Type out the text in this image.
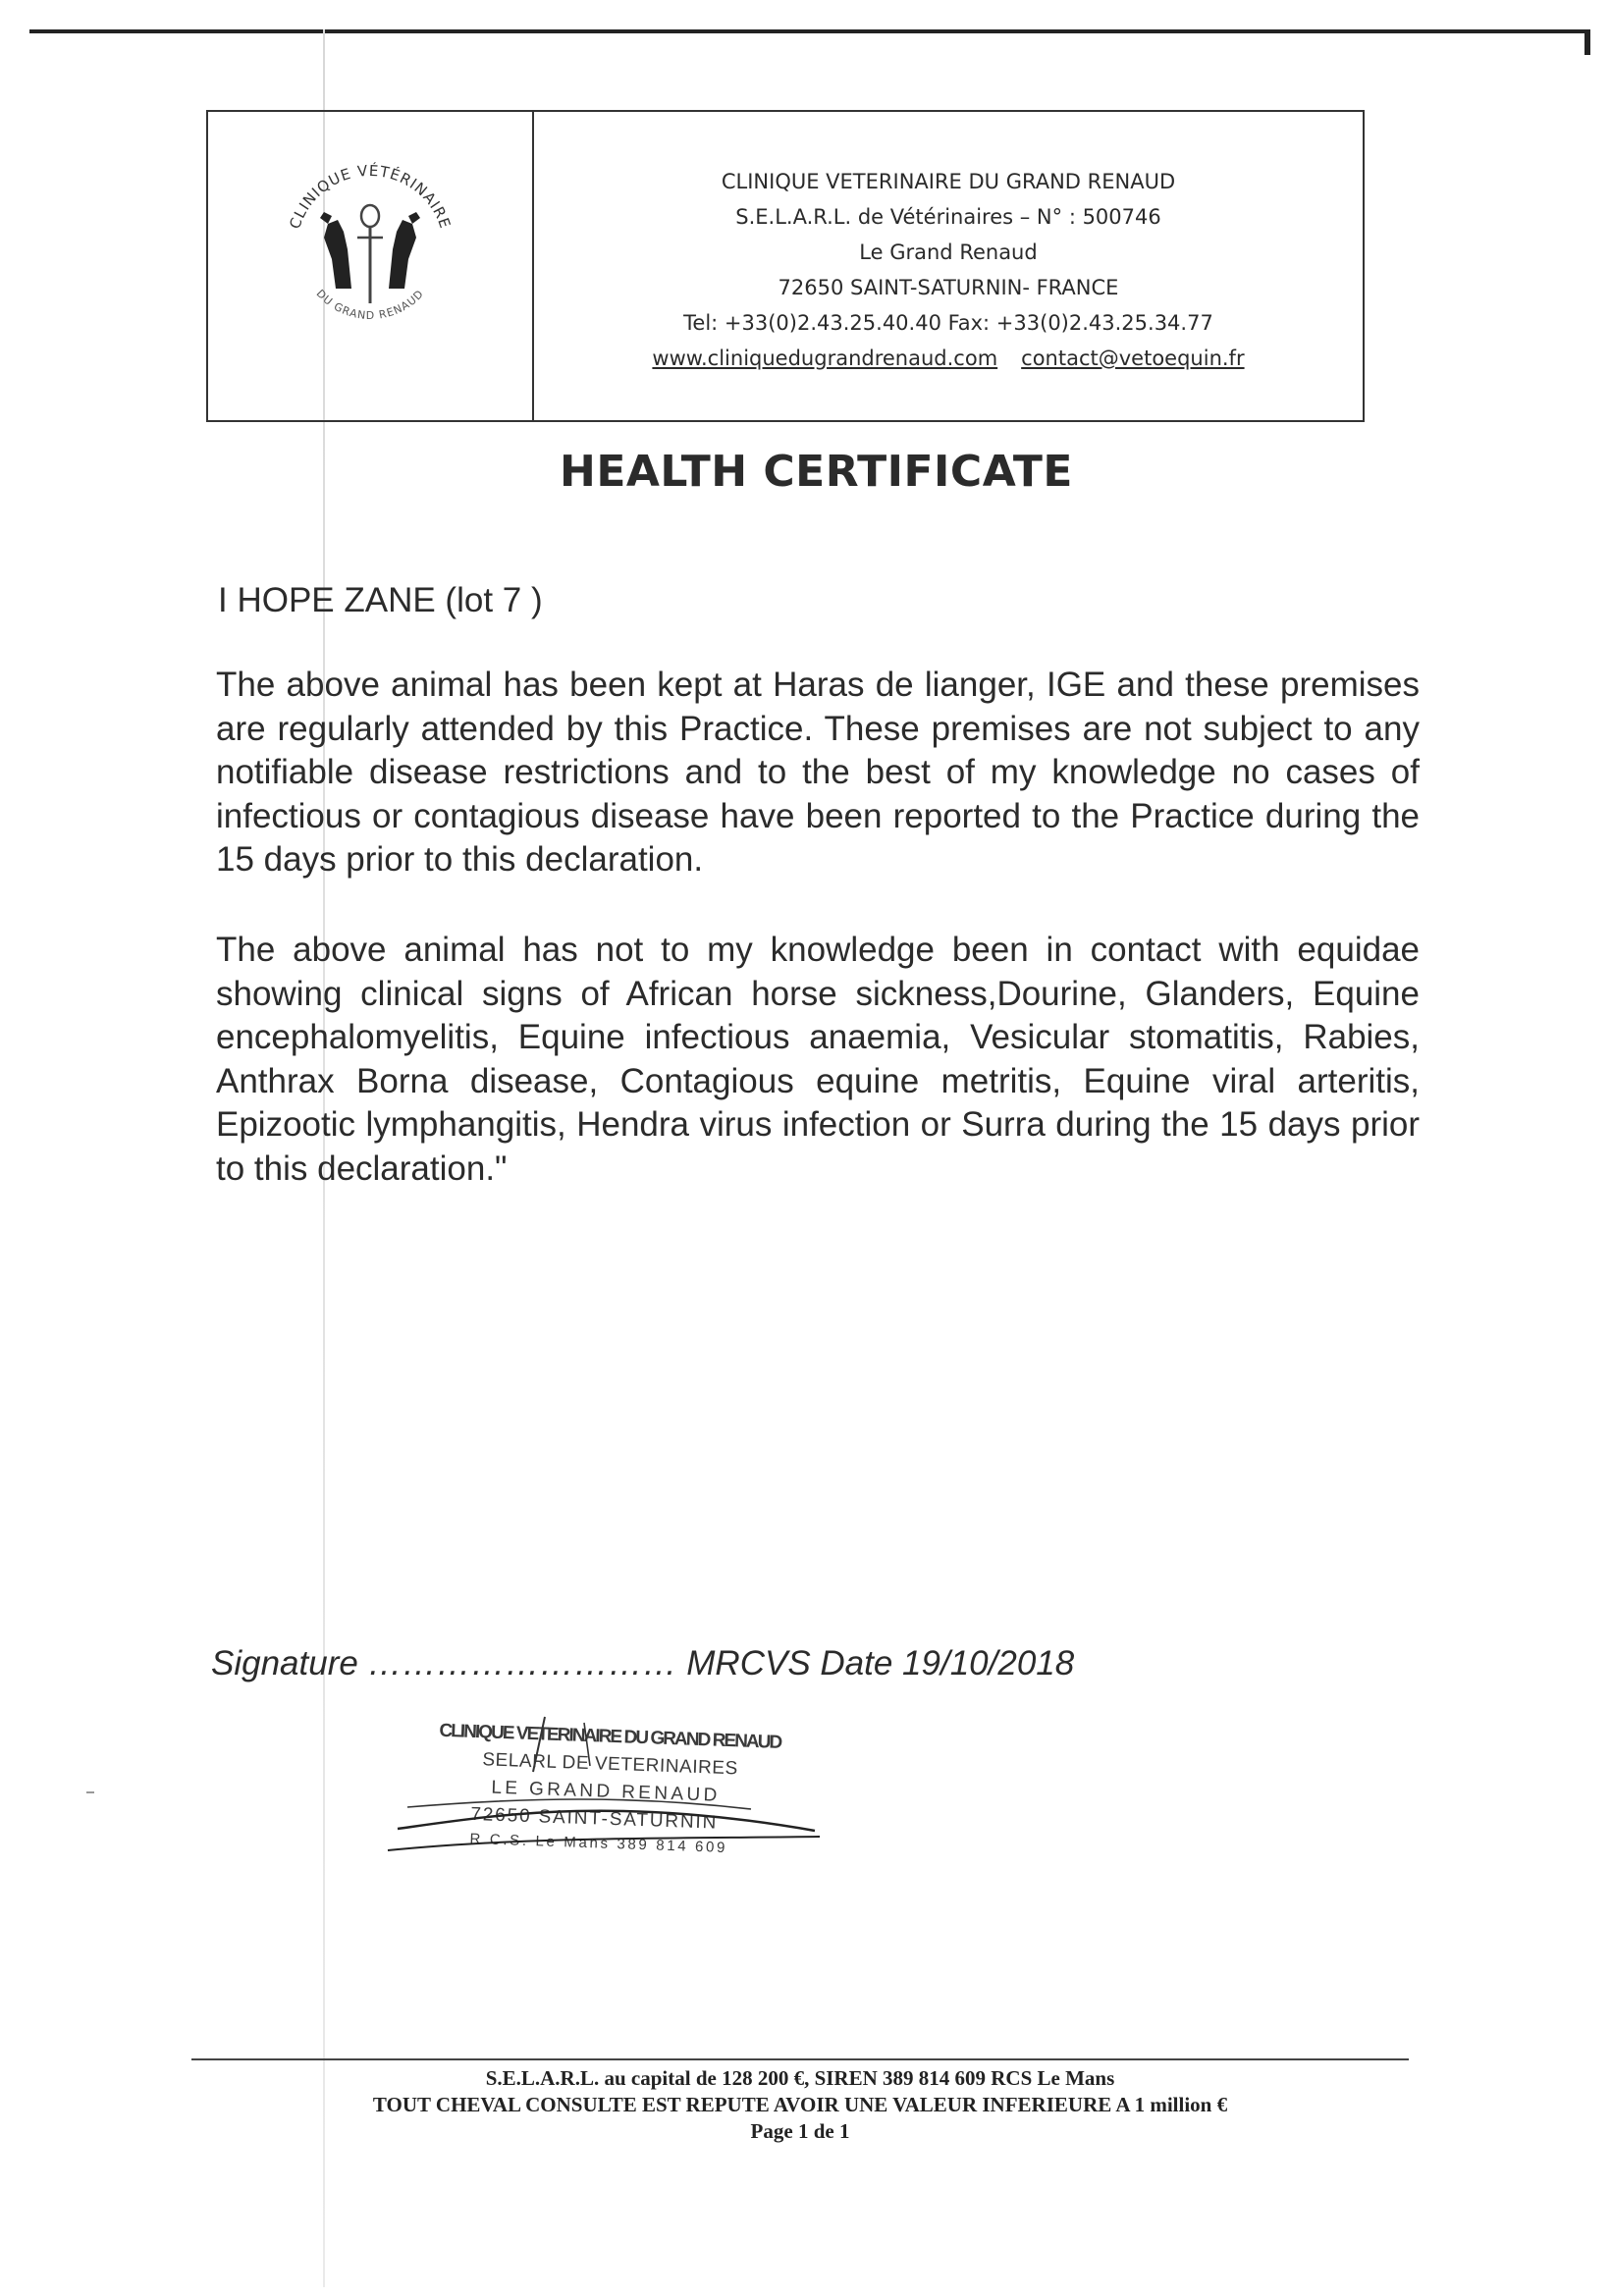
CLINIQUE VÉTÉRINAIRE
DU GRAND RENAUD
CLINIQUE VETERINAIRE DU GRAND RENAUD
S.E.L.A.R.L. de Vétérinaires – N° : 500746
Le Grand Renaud
72650 SAINT-SATURNIN- FRANCE
Tel: +33(0)2.43.25.40.40 Fax: +33(0)2.43.25.34.77
www.cliniquedugrandrenaud.com contact@vetoequin.fr
HEALTH CERTIFICATE
I HOPE ZANE (lot 7 )
The above animal has been kept at Haras de lianger, IGE and these premises are regularly attended by this Practice. These premises are not subject to any notifiable disease restrictions and to the best of my knowledge no cases of infectious or contagious disease have been reported to the Practice during the 15 days prior to this declaration.
The above animal has not to my knowledge been in contact with equidae showing clinical signs of African horse sickness,Dourine, Glanders, Equine encephalomyelitis, Equine infectious anaemia, Vesicular stomatitis, Rabies, Anthrax Borna disease, Contagious equine metritis, Equine viral arteritis, Epizootic lymphangitis, Hendra virus infection or Surra during the 15 days prior to this declaration."
Signature ……………………… MRCVS Date 19/10/2018
CLINIQUE VETERINAIRE DU GRAND RENAUD
SELARL DE VETERINAIRES
LE GRAND RENAUD
72650 SAINT-SATURNIN
R.C.S. Le Mans 389 814 609
S.E.L.A.R.L. au capital de 128 200 €, SIREN 389 814 609 RCS Le Mans
TOUT CHEVAL CONSULTE EST REPUTE AVOIR UNE VALEUR INFERIEURE A 1 million €
Page 1 de 1
